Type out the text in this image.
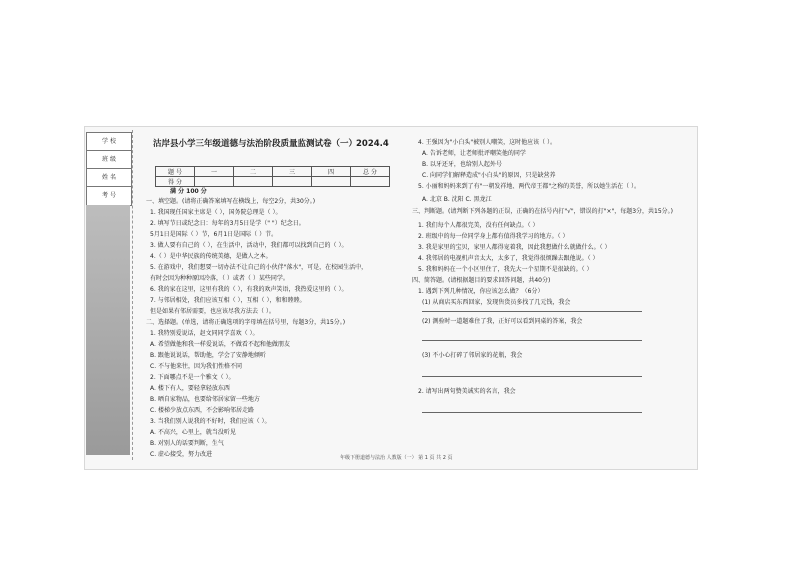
学 校
班 级
姓 名
考 号
沽岸县小学三年级道德与法治阶段质量监测试卷（一）
2024.4
题 号	一	二	三	四	总 分
得 分					
满 分 100 分
一、填空题。(请将正确答案填写在横线上，每空2分，共30分。)
1. 我国现任国家主席是（ ），国务院总理是（ ）。
2. 填写节日或纪念日：每年的3月5日是学（" "）纪念日。
5月1日是国际（ ）节，6月1日是国际（ ）节。
3. 做人要有自己的（ ），在生活中，活动中，我们都可以找到自己的（ ）。
4.（ ）是中华民族的传统美德，是做人之本。
5. 在游戏中，我们想要一切办法不让自己的小伙伴"落水"，可是，在校园生活中，
有时会因为种种原因冷落，（ ）或者（ ）某些同学。
6. 我的家在这里，这里有我的（ ），有我的欢声笑语，我热爱这里的（ ）。
7. 与邻居相处，我们应该互相（ ），互相（ ），和和睦睦。
但是如果有邻居需要，也应该尽我方法去（ ）。
二、选择题。(单选，请将正确选项的字母填在括号里，每题3分，共15分。)
1. 我特别爱说话，赵文同同学喜欢（ ）。
A. 希望做他和我一样爱说话，不做看不起和他做朋友
B. 跟他说说话，帮助他，学会了安静地倾听
C. 不与他来往，因为我们性格不同
2. 下面哪点不是一个雅文（ ）。
A. 楼下有人，要轻拿轻放东西
B. 晒自家物品，也要给邻居家留一些地方
C. 楼梯少放点东西，不会影响邻居走路
3. 当我们别人说我的不好时，我们应该（ ）。
A. 不高兴，心里上，就当没听见
B. 对别人的话要判断，生气
C. 虚心接受，努力改进
4. 王强因为"小白头"被别人嘲笑，这时他应该（ ）。
A. 告诉老师，让老师批评嘲笑他的同学
B. 以牙还牙，也给别人起外号
C. 向同学们解释造成"小白头"的原因，只是缺营养
5. 小丽和妈妈来到了有"一朝发祥地、两代帝王都"之称的美誉，所以她生活在（ ）。
A. 北京 B. 沈阳 C. 黑龙江
三、判断题。(请判断下列各题的正误，正确的在括号内打"√"，错误的打"×"，每题3分，共15分。)
1. 我们每个人都很完美，没有任何缺点。（ ）
2. 班级中的每一位同学身上都有值得我学习的地方。（ ）
3. 我是家里的宝贝，家里人都得宠着我，因此我想做什么就做什么。（ ）
4. 我邻居的电视机声音太大，太多了，我觉得很烦躁去跟他说。（ ）
5. 我和妈妈在一个小区里住了，我先大一个星期不是很缺的。（ ）
四、简答题。(请根据题目的要求回答问题，共40分)
1. 遇到下列几种情况，你应该怎么做？（6分）
(1) 从商店买东西回家，发现售货员多找了几元钱，我会
(2) 测验时一道题难住了我，正好可以看到同桌的答案，我会
(3) 不小心打碎了邻居家的花瓶，我会
2. 请写出两句赞美诚实的名言，我会
年级下册道德与法治 人教版（一） 第 1 页 共 2 页
